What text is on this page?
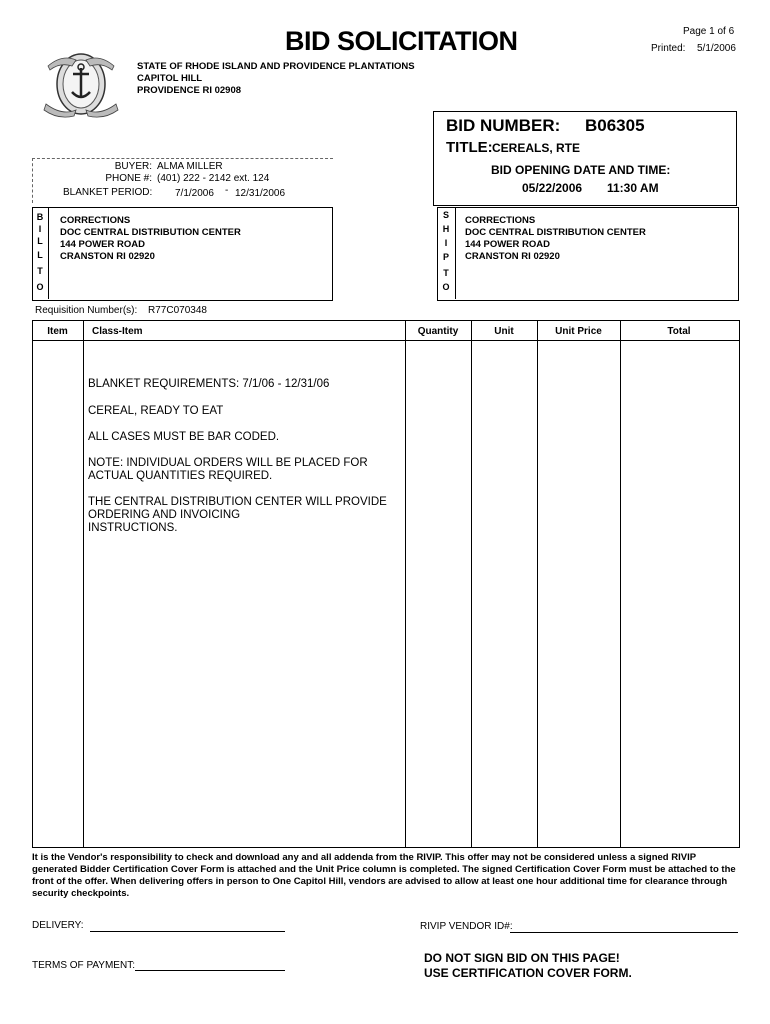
BID SOLICITATION	Page 1 of 6
Printed: 5/1/2006
STATE OF RHODE ISLAND AND PROVIDENCE PLANTATIONS
CAPITOL HILL
PROVIDENCE RI 02908
BID NUMBER: B06305
TITLE: CEREALS, RTE
BID OPENING DATE AND TIME:
05/22/2006 11:30 AM
BUYER: ALMA MILLER
PHONE #: (401) 222 - 2142 ext. 124
BLANKET PERIOD: 7/1/2006 - 12/31/2006
B
I
L
L
T
O
CORRECTIONS
DOC CENTRAL DISTRIBUTION CENTER
144 POWER ROAD
CRANSTON RI 02920
S
H
I
P
T
O
CORRECTIONS
DOC CENTRAL DISTRIBUTION CENTER
144 POWER ROAD
CRANSTON RI 02920
Requisition Number(s): R77C070348
Item	Class-Item	Quantity	Unit	Unit Price	Total
BLANKET REQUIREMENTS: 7/1/06 - 12/31/06
CEREAL, READY TO EAT
ALL CASES MUST BE BAR CODED.
NOTE: INDIVIDUAL ORDERS WILL BE PLACED FOR
ACTUAL QUANTITIES REQUIRED.
THE CENTRAL DISTRIBUTION CENTER WILL PROVIDE
ORDERING AND INVOICING
INSTRUCTIONS.
It is the Vendor's responsibility to check and download any and all addenda from the RIVIP. This offer may not be considered unless a signed RIVIP generated Bidder Certification Cover Form is attached and the Unit Price column is completed. The signed Certification Cover Form must be attached to the front of the offer. When delivering offers in person to One Capitol Hill, vendors are advised to allow at least one hour additional time for clearance through security checkpoints.
DELIVERY:	RIVIP VENDOR ID#:
TERMS OF PAYMENT:
DO NOT SIGN BID ON THIS PAGE!
USE CERTIFICATION COVER FORM.
